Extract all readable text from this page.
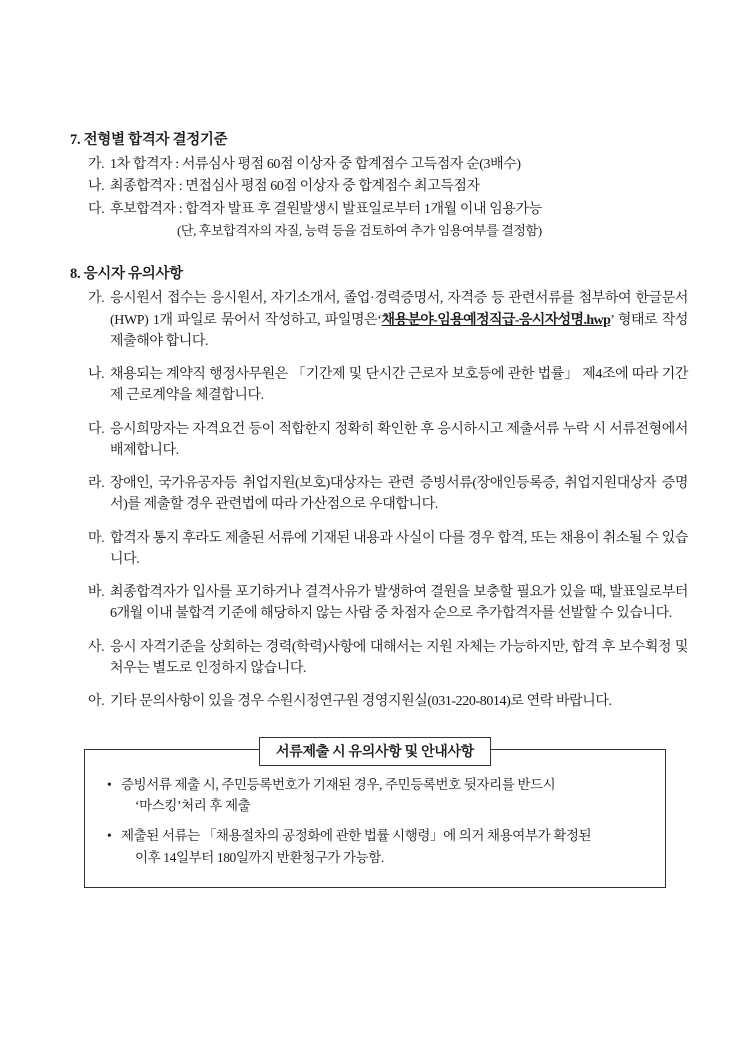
7. 전형별 합격자 결정기준
가. 1차 합격자 : 서류심사 평점 60점 이상자 중 합계점수 고득점자 순(3배수)
나. 최종합격자 : 면접심사 평점 60점 이상자 중 합계점수 최고득점자
다. 후보합격자 : 합격자 발표 후 결원발생시 발표일로부터 1개월 이내 임용가능
(단, 후보합격자의 자질, 능력 등을 검토하여 추가 임용여부를 결정함)
8. 응시자 유의사항
가. 응시원서 접수는 응시원서, 자기소개서, 졸업·경력증명서, 자격증 등 관련서류를 첨부하여 한글문서(HWP) 1개 파일로 묶어서 작성하고, 파일명은‘채용분야-임용예정직급-응시자성명.hwp’ 형태로 작성 제출해야 합니다.
나. 채용되는 계약직 행정사무원은 「기간제 및 단시간 근로자 보호등에 관한 법률」 제4조에 따라 기간제 근로계약을 체결합니다.
다. 응시희망자는 자격요건 등이 적합한지 정확히 확인한 후 응시하시고 제출서류 누락 시 서류전형에서 배제합니다.
라. 장애인, 국가유공자등 취업지원(보호)대상자는 관련 증빙서류(장애인등록증, 취업지원대상자 증명서)를 제출할 경우 관련법에 따라 가산점으로 우대합니다.
마. 합격자 통지 후라도 제출된 서류에 기재된 내용과 사실이 다를 경우 합격, 또는 채용이 취소될 수 있습니다.
바. 최종합격자가 입사를 포기하거나 결격사유가 발생하여 결원을 보충할 필요가 있을 때, 발표일로부터 6개월 이내 불합격 기준에 해당하지 않는 사람 중 차점자 순으로 추가합격자를 선발할 수 있습니다.
사. 응시 자격기준을 상회하는 경력(학력)사항에 대해서는 지원 자체는 가능하지만, 합격 후 보수획정 및 처우는 별도로 인정하지 않습니다.
아. 기타 문의사항이 있을 경우 수원시정연구원 경영지원실(031-220-8014)로 연락 바랍니다.
서류제출 시 유의사항 및 안내사항
• 증빙서류 제출 시, 주민등록번호가 기재된 경우, 주민등록번호 뒷자리를 반드시
‘마스킹’처리 후 제출
• 제출된 서류는 「채용절차의 공정화에 관한 법률 시행령」에 의거 채용여부가 확정된
이후 14일부터 180일까지 반환청구가 가능함.
